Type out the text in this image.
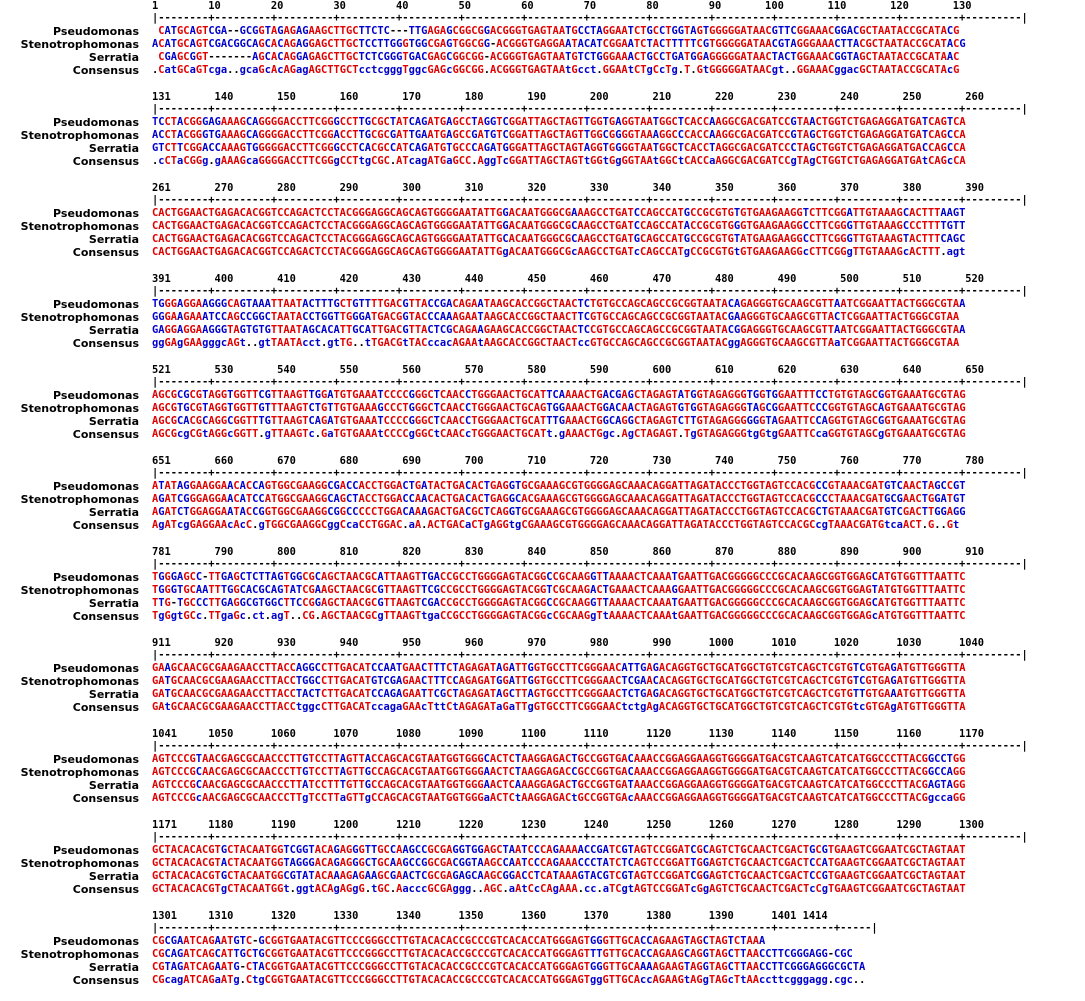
1        10        20        30        40        50        60        70        80        90       100       110       120       130
|--------+---------+---------+---------+---------+---------+---------+---------+---------+---------+---------+---------+---------+---------|
Pseudomonas	CATGCAGTCGA--GCGGTAGAGAGAAGCTTGCTTCTC---TTGAGAGCGGCGGACGGGTGAGTAATGCCTAGGAATCTGCCTGGTAGTGGGGGATAACGTTCGGAAACGGACGCTAATACCGCATACG
Stenotrophomonas ACATGCAGTCGACGGCAGCACAGAGGAGCTTGCTCCTTGGGTGGCGAGTGGCGG-ACGGGTGAGGAATACATCGGAATCTACTTTTTCGTGGGGGATAACGTAGGGAAACTTACGCTAATACCGCATACG
Serratia	CGAGCGGT-------AGCACAGGAGAGCTTGCTCTCGGGTGACGAGCGGCGG-ACGGGTGAGTAATGTCTGGGAAACTGCCTGATGGAGGGGGATAACTACTGGAAACGGTAGCTAATACCGCATAAC
Consensus .CatGCaGTcga..gcaGcAcAGagAGCTTGCTcctcgggTggcGAGcGGCGG.ACGGGTGAGTAAtGcct.GGAAtCTgCcTg.T.GtGGGGGATAACgt..GGAAACggacGCTAATACCGCATAcG
131       140       150       160       170       180       190       200       210       220       230       240       250       260
|--------+---------+---------+---------+---------+---------+---------+---------+---------+---------+---------+---------+---------+---------|
Pseudomonas TCCTACGGGAGAAAGCAGGGGACCTTCGGGCCTTGCGCTATCAGATGAGCCTAGGTCGGATTAGCTAGTTGGTGAGGTAATGGCTCACCAAGGCGACGATCCGTAACTGGTCTGAGAGGATGATCAGTCA
Stenotrophomonas ACCTACGGGTGAAAGCAGGGGACCTTCGGACCTTGCGCGATTGAATGAGCCGATGTCGGATTAGCTAGTTGGCGGGGTAAAGGCCCACCAAGGCGACGATCCGTAGCTGGTCTGAGAGGATGATCAGCCA
Serratia GTCTTCGGACCAAAGTGGGGGACCTTCGGGCCTCACGCCATCAGATGTGCCCAGATGGGATTAGCTAGTAGGTGGGGTAATGGCTCACCTAGGCGACGATCCCTAGCTGGTCTGAGAGGATGACCAGCCA
Consensus .cCTaCGGg.gAAAGcaGGGGACCTTCGGgCCTtgCGC.ATcagATGaGCC.AggTcGGATTAGCTAGTtGGtGgGGTAAtGGCtCACCaAGGCGACGATCCgTAgCTGGTCTGAGAGGATGAtCAGcCA
261       270       280       290       300       310       320       330       340       350       360       370       380       390
|--------+---------+---------+---------+---------+---------+---------+---------+---------+---------+---------+---------+---------+---------|
Pseudomonas CACTGGAACTGAGACACGGTCCAGACTCCTACGGGAGGCAGCAGTGGGGAATATTGGACAATGGGCGAAAGCCTGATCCAGCCATGCCGCGTGTGTGAAGAAGGTCTTCGGATTGTAAAGCACTTTAAGT
Stenotrophomonas CACTGGAACTGAGACACGGTCCAGACTCCTACGGGAGGCAGCAGTGGGGAATATTGGACAATGGGCGCAAGCCTGATCCAGCCATACCGCGTGGGTGAAGAAGGCCTTCGGGTTGTAAAGCCCTTTTGTT
Serratia CACTGGAACTGAGACACGGTCCAGACTCCTACGGGAGGCAGCAGTGGGGAATATTGCACAATGGGCGCAAGCCTGATGCAGCCATGCCGCGTGTATGAAGAAGGCCTTCGGGTTGTAAAGTACTTTCAGC
Consensus CACTGGAACTGAGACACGGTCCAGACTCCTACGGGAGGCAGCAGTGGGGAATATTGgACAATGGGCGcAAGCCTGATcCAGCCATgCCGCGTGtGTGAAGAAGGcCTTCGGgTTGTAAAGcACTTT.agt
391       400       410       420       430       440       450       460       470       480       490       500       510       520
|--------+---------+---------+---------+---------+---------+---------+---------+---------+---------+---------+---------+---------+---------|
Pseudomonas TGGGAGGAAGGGCAGTAAATTAATACTTTGCTGTTTTGACGTTACCGACAGAATAAGCACCGGCTAACTCTGTGCCAGCAGCCGCGGTAATACAGAGGGTGCAAGCGTTAATCGGAATTACTGGGCGTAA
Stenotrophomonas GGGAAGAAATCCAGCCGGCTAATACCTGGTTGGGATGACGGTACCCAAAGAATAAGCACCGGCTAACTTCGTGCCAGCAGCCGCGGTAATACGAAGGGTGCAAGCGTTACTCGGAATTACTGGGCGTAA
Serratia GAGGAGGAAGGGTAGTGTGTTAATAGCACATTGCATTGACGTTACTCGCAGAAGAAGCACCGGCTAACTCCGTGCCAGCAGCCGCGGTAATACGGAGGGTGCAAGCGTTAATCGGAATTACTGGGCGTAA
Consensus ggGAgGAAgggcAGt..gtTAATAcct.gtTG..tTGACGtTACccacAGAAtAAGCACCGGCTAACTccGTGCCAGCAGCCGCGGTAATACggAGGGTGCAAGCGTTAaTCGGAATTACTGGGCGTAA
521       530       540       550       560       570       580       590       600       610       620       630       640       650
|--------+---------+---------+---------+---------+---------+---------+---------+---------+---------+---------+---------+---------+---------|
Pseudomonas AGCGCGCGTAGGTGGTTCGTTAAGTTGGATGTGAAATCCCCGGGCTCAACCTGGGAACTGCATTCAAAACTGACGAGCTAGAGTATGGTAGAGGGTGGTGGAATTTCCTGTGTAGCGGTGAAATGCGTAG
Stenotrophomonas AGCGTGCGTAGGTGGTTGTTTAAGTCTGTTGTGAAAGCCCTGGGCTCAACCTGGGAACTGCAGTGGAAACTGGACAACTAGAGTGTGGTAGAGGGTAGCGGAATTCCCGGTGTAGCAGTGAAATGCGTAG
Serratia AGCGCACGCAGGCGGTTTGTTAAGTCAGATGTGAAATCCCCGGGCTCAACCTGGGAACTGCATTTGAAACTGGCAGGCTAGAGTCTTGTAGAGGGGGGTAGAATTCCAGGTGTAGCGGTGAAATGCGTAG
Consensus AGCGcgCGtAGGcGGTT.gTTAAGTc.GaTGTGAAAtCCCCgGGCtCAACcTGGGAACTGCATt.gAAACTGgc.AgCTAGAGT.TgGTAGAGGGtgGtgGAATTCcaGGTGTAGCgGTGAAATGCGTAG
651       660       670       680       690       700       710       720       730       740       750       760       770       780
|--------+---------+---------+---------+---------+---------+---------+---------+---------+---------+---------+---------+---------+---------|
Pseudomonas ATATAGGAAGGAACACCAGTGGCGAAGGCGACCACCTGGACTGATACTGACACTGAGGTGCGAAAGCGTGGGGAGCAAACAGGATTAGATACCCTGGTAGTCCACGCCGTAAACGATGTCAACTAGCCGT
Stenotrophomonas AGATCGGGAGGAACATCCATGGCGAAGGCAGCTACCTGGACCAACACTGACACTGAGGCACGAAAGCGTGGGGAGCAAACAGGATTAGATACCCTGGTAGTCCACGCCCTAAACGATGCGAACTGGATGT
Serratia AGATCTGGAGGAATACCGGTGGCGAAGGCGGCCCCCTGGACAAAGACTGACGCTCAGGTGCGAAAGCGTGGGGAGCAAACAGGATTAGATACCCTGGTAGTCCACGCTGTAAACGATGTCGACTTGGAGG
Consensus AgATcgGAGGAAcAcC.gTGGCGAAGGCggCcaCCTGGAC.aA.ACTGACaCTgAGGtgCGAAAGCGTGGGGAGCAAACAGGATTAGATACCCTGGTAGTCCACGCcgTAAACGATGtcaACT.G..Gt
781       790       800       810       820       830       840       850       860       870       880       890       900       910
|--------+---------+---------+---------+---------+---------+---------+---------+---------+---------+---------+---------+---------+---------|
Pseudomonas TGGGAGCC-TTGAGCTCTTAGTGGCGCAGCTAACGCATTAAGTTGACCGCCTGGGGAGTACGGCCGCAAGGTTAAAACTCAAATGAATTGACGGGGGCCCGCACAAGCGGTGGAGCATGTGGTTTAATTC
Stenotrophomonas TGGGTGCAATTTGGCACGCAGTATCGAAGCTAACGCGTTAAGTTCGCCGCCTGGGGAGTACGGTCGCAAGACTGAAACTCAAAGGAATTGACGGGGGCCCGCACAAGCGGTGGAGTATGTGGTTTAATTC
Serratia TTG-TGCCCTTGAGGCGTGGCTTCCGGAGCTAACGCGTTAAGTCGACCGCCTGGGGAGTACGGCCGCAAGGTTAAAACTCAAATGAATTGACGGGGGCCCGCACAAGCGGTGGAGCATGTGGTTTAATTC
Consensus TgGgtGCc.TTgaGc.ct.agT..CG.AGCTAACGCgTTAAGTtgaCCGCCTGGGGAGTACGGcCGCAAGgTtAAAACTCAAAtGAATTGACGGGGGCCCGCACAAGCGGTGGAGcATGTGGTTTAATTC
911       920       930       940       950       960       970       980       990      1000      1010      1020      1030      1040
|--------+---------+---------+---------+---------+---------+---------+---------+---------+---------+---------+---------+---------+---------|
Pseudomonas GAAGCAACGCGAAGAACCTTACCAGGCCTTGACATCCAATGAACTTTCTAGAGATAGATTGGTGCCTTCGGGAACATTGAGACAGGTGCTGCATGGCTGTCGTCAGCTCGTGTCGTGAGATGTTGGGTTA
Stenotrophomonas GATGCAACGCGAAGAACCTTACCTGGCCTTGACATGTCGAGAACTTTCCAGAGATGGATTGGTGCCTTCGGGAACTCGAACACAGGTGCTGCATGGCTGTCGTCAGCTCGTGTCGTGAGATGTTGGGTTA
Serratia GATGCAACGCGAAGAACCTTACCTACTCTTGACATCCAGAGAATTCGCTAGAGATAGCTTAGTGCCTTCGGGAACTCTGAGACAGGTGCTGCATGGCTGTCGTCAGCTCGTGTTGTGAAATGTTGGGTTA
Consensus GAtGCAACGCGAAGAACCTTACCtggcCTTGACATccagaGAAcTttCtAGAGATaGaTTgGTGCCTTCGGGAACtctgAgACAGGTGCTGCATGGCTGTCGTCAGCTCGTGtcGTGAgATGTTGGGTTA
1041     1050      1060      1070      1080      1090      1100      1110      1120      1130      1140      1150      1160      1170
|--------+---------+---------+---------+---------+---------+---------+---------+---------+---------+---------+---------+---------+---------|
Pseudomonas AGTCCCGTAACGAGCGCAACCCTTGTCCTTAGTTACCAGCACGTAATGGTGGGCACTCTAAGGAGACTGCCGGTGACAAACCGGAGGAAGGTGGGGATGACGTCAAGTCATCATGGCCCTTACGGCCTGG
Stenotrophomonas AGTCCCGCAACGAGCGCAACCCTTGTCCTTAGTTGCCAGCACGTAATGGTGGGAACTCTAAGGAGACCGCCGGTGACAAACCGGAGGAAGGTGGGGATGACGTCAAGTCATCATGGCCCTTACGGCCAGG
Serratia AGTCCCGCAACGAGCGCAACCCTTATCCTTTGTTGCCAGCACGTAATGGTGGGAACTCAAAGGAGACTGCCGGTGATAAACCGGAGGAAGGTGGGGATGACGTCAAGTCATCATGGCCCTTACGAGTAGG
Consensus AGTCCCGcAACGAGCGCAACCCTTgTCCTTaGTTgCCAGCACGTAATGGTGGGaACTCtAAGGAGACtGCCGGTGAcAAACCGGAGGAAGGTGGGGATGACGTCAAGTCATCATGGCCCTTACGgccaGG
1171     1180      1190      1200      1210      1220      1230      1240      1250      1260      1270      1280      1290      1300
|--------+---------+---------+---------+---------+---------+---------+---------+---------+---------+---------+---------+---------+---------|
Pseudomonas GCTACACACGTGCTACAATGGTCGGTACAGAGGGTTGCCAAGCCGCGAGGTGGAGCTAATCCCAGAAAACCGATCGTAGTCCGGATCGCAGTCTGCAACTCGACTGCGTGAAGTCGGAATCGCTAGTAAT
Stenotrophomonas GCTACACACGTACTACAATGGTAGGGACAGAGGGCTGCAAGCCGGCGACGGTAAGCCAATCCCAGAAACCCTATCTCAGTCCGGATTGGAGTCTGCAACTCGACTCCATGAAGTCGGAATCGCTAGTAAT
Serratia GCTACACACGTGCTACAATGGCGTATACAAAGAGAAGCGAACTCGCGAGAGCAAGCGGACCTCATAAAGTACGTCGTAGTCCGGATCGGAGTCTGCAACTCGACTCCGTGAAGTCGGAATCGCTAGTAAT
Consensus GCTACACACGTgCTACAATGGt.ggtACAgAGgG.tGC.AacccGCGAggg..AGC.aAtCcCAgAAA.cc.aTCgtAGTCCGGATcGgAGTCTGCAACTCGACTcCgTGAAGTCGGAATCGCTAGTAAT
1301     1310      1320      1330      1340      1350      1360      1370      1380      1390      1401 1414
|--------+---------+---------+---------+---------+---------+---------+---------+---------+---------+---------+-----|
Pseudomonas CGCGAATCAGAATGTC-GCGGTGAATACGTTCCCGGGCCTTGTACACACCGCCCGTCACACCATGGGAGTGGGTTGCACCAGAAGTAGCTAGTCTAAA
Stenotrophomonas CGCAGATCAGCATTGCTGCGGTGAATACGTTCCCGGGCCTTGTACACACCGCCCGTCACACCATGGGAGTTTGTTGCACCAGAAGCAGGTAGCTTAACCTTCGGGAGG-CGC
Serratia CGTAGATCAGAATG-CTACGGTGAATACGTTCCCGGGCCTTGTACACACCGCCCGTCACACCATGGGAGTGGGTTGCAAAAGAAGTAGGTAGCTTAACCTTCGGGAGGGCGCTA
Consensus CGcagATCAGaATg.CtgCGGTGAATACGTTCCCGGGCCTTGTACACACCGCCCGTCACACCATGGGAGTggGTTGCAccAGAAGtAGgTAGcTtAAccttcgggagg.cgc..
